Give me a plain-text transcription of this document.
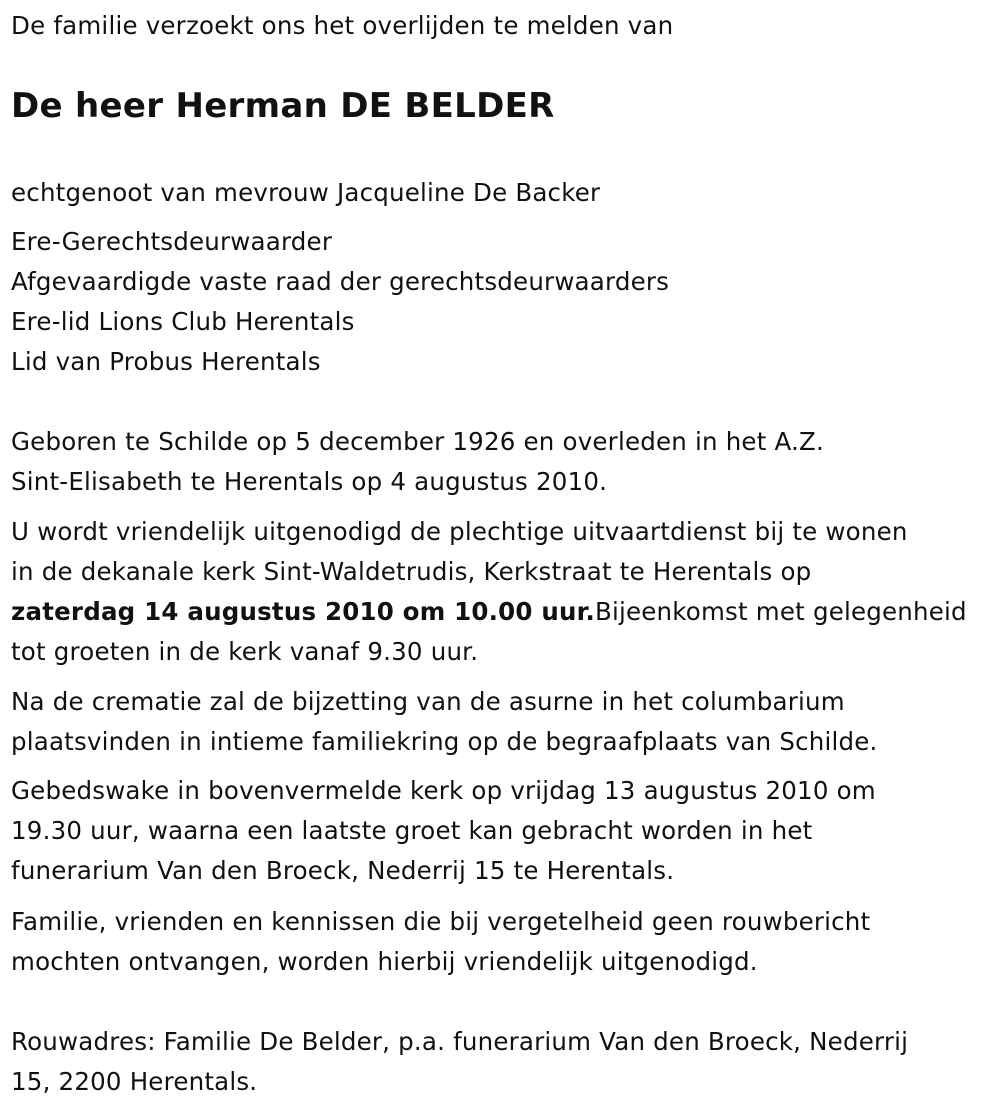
De familie verzoekt ons het overlijden te melden van
De heer Herman DE BELDER
echtgenoot van mevrouw Jacqueline De Backer
Ere-Gerechtsdeurwaarder
Afgevaardigde vaste raad der gerechtsdeurwaarders
Ere-lid Lions Club Herentals
Lid van Probus Herentals
Geboren te Schilde op 5 december 1926 en overleden in het A.Z.
Sint-Elisabeth te Herentals op 4 augustus 2010.
U wordt vriendelijk uitgenodigd de plechtige uitvaartdienst bij te wonen
in de dekanale kerk Sint-Waldetrudis, Kerkstraat te Herentals op
zaterdag 14 augustus 2010 om 10.00 uur.Bijeenkomst met gelegenheid
tot groeten in de kerk vanaf 9.30 uur.
Na de crematie zal de bijzetting van de asurne in het columbarium
plaatsvinden in intieme familiekring op de begraafplaats van Schilde.
Gebedswake in bovenvermelde kerk op vrijdag 13 augustus 2010 om
19.30 uur, waarna een laatste groet kan gebracht worden in het
funerarium Van den Broeck, Nederrij 15 te Herentals.
Familie, vrienden en kennissen die bij vergetelheid geen rouwbericht
mochten ontvangen, worden hierbij vriendelijk uitgenodigd.
Rouwadres: Familie De Belder, p.a. funerarium Van den Broeck, Nederrij
15, 2200 Herentals.
